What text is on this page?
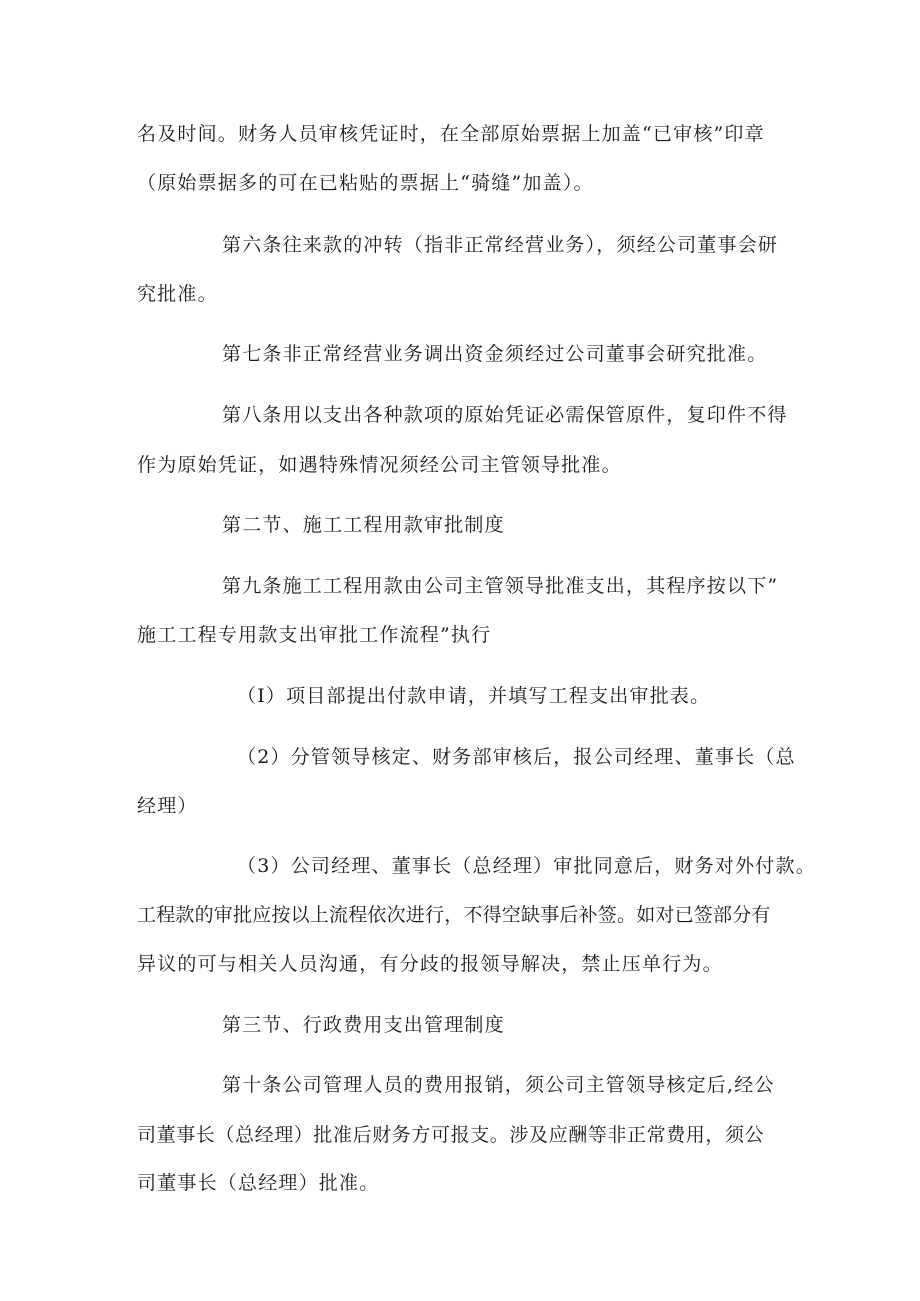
名及时间。财务人员审核凭证时，在全部原始票据上加盖“已审核”印章
（原始票据多的可在已粘贴的票据上“骑缝”加盖）。
第六条往来款的冲转（指非正常经营业务），须经公司董事会研
究批准。
第七条非正常经营业务调出资金须经过公司董事会研究批准。
第八条用以支出各种款项的原始凭证必需保管原件，复印件不得
作为原始凭证，如遇特殊情况须经公司主管领导批准。
第二节、施工工程用款审批制度
第九条施工工程用款由公司主管领导批准支出，其程序按以下”
施工工程专用款支出审批工作流程”执行
（I）项目部提出付款申请，并填写工程支出审批表。
（2）分管领导核定、财务部审核后，报公司经理、董事长（总
经理）
（3）公司经理、董事长（总经理）审批同意后，财务对外付款。
工程款的审批应按以上流程依次进行，不得空缺事后补签。如对已签部分有
异议的可与相关人员沟通，有分歧的报领导解决，禁止压单行为。
第三节、行政费用支出管理制度
第十条公司管理人员的费用报销，须公司主管领导核定后,经公
司董事长（总经理）批准后财务方可报支。涉及应酬等非正常费用，须公
司董事长（总经理）批准。
